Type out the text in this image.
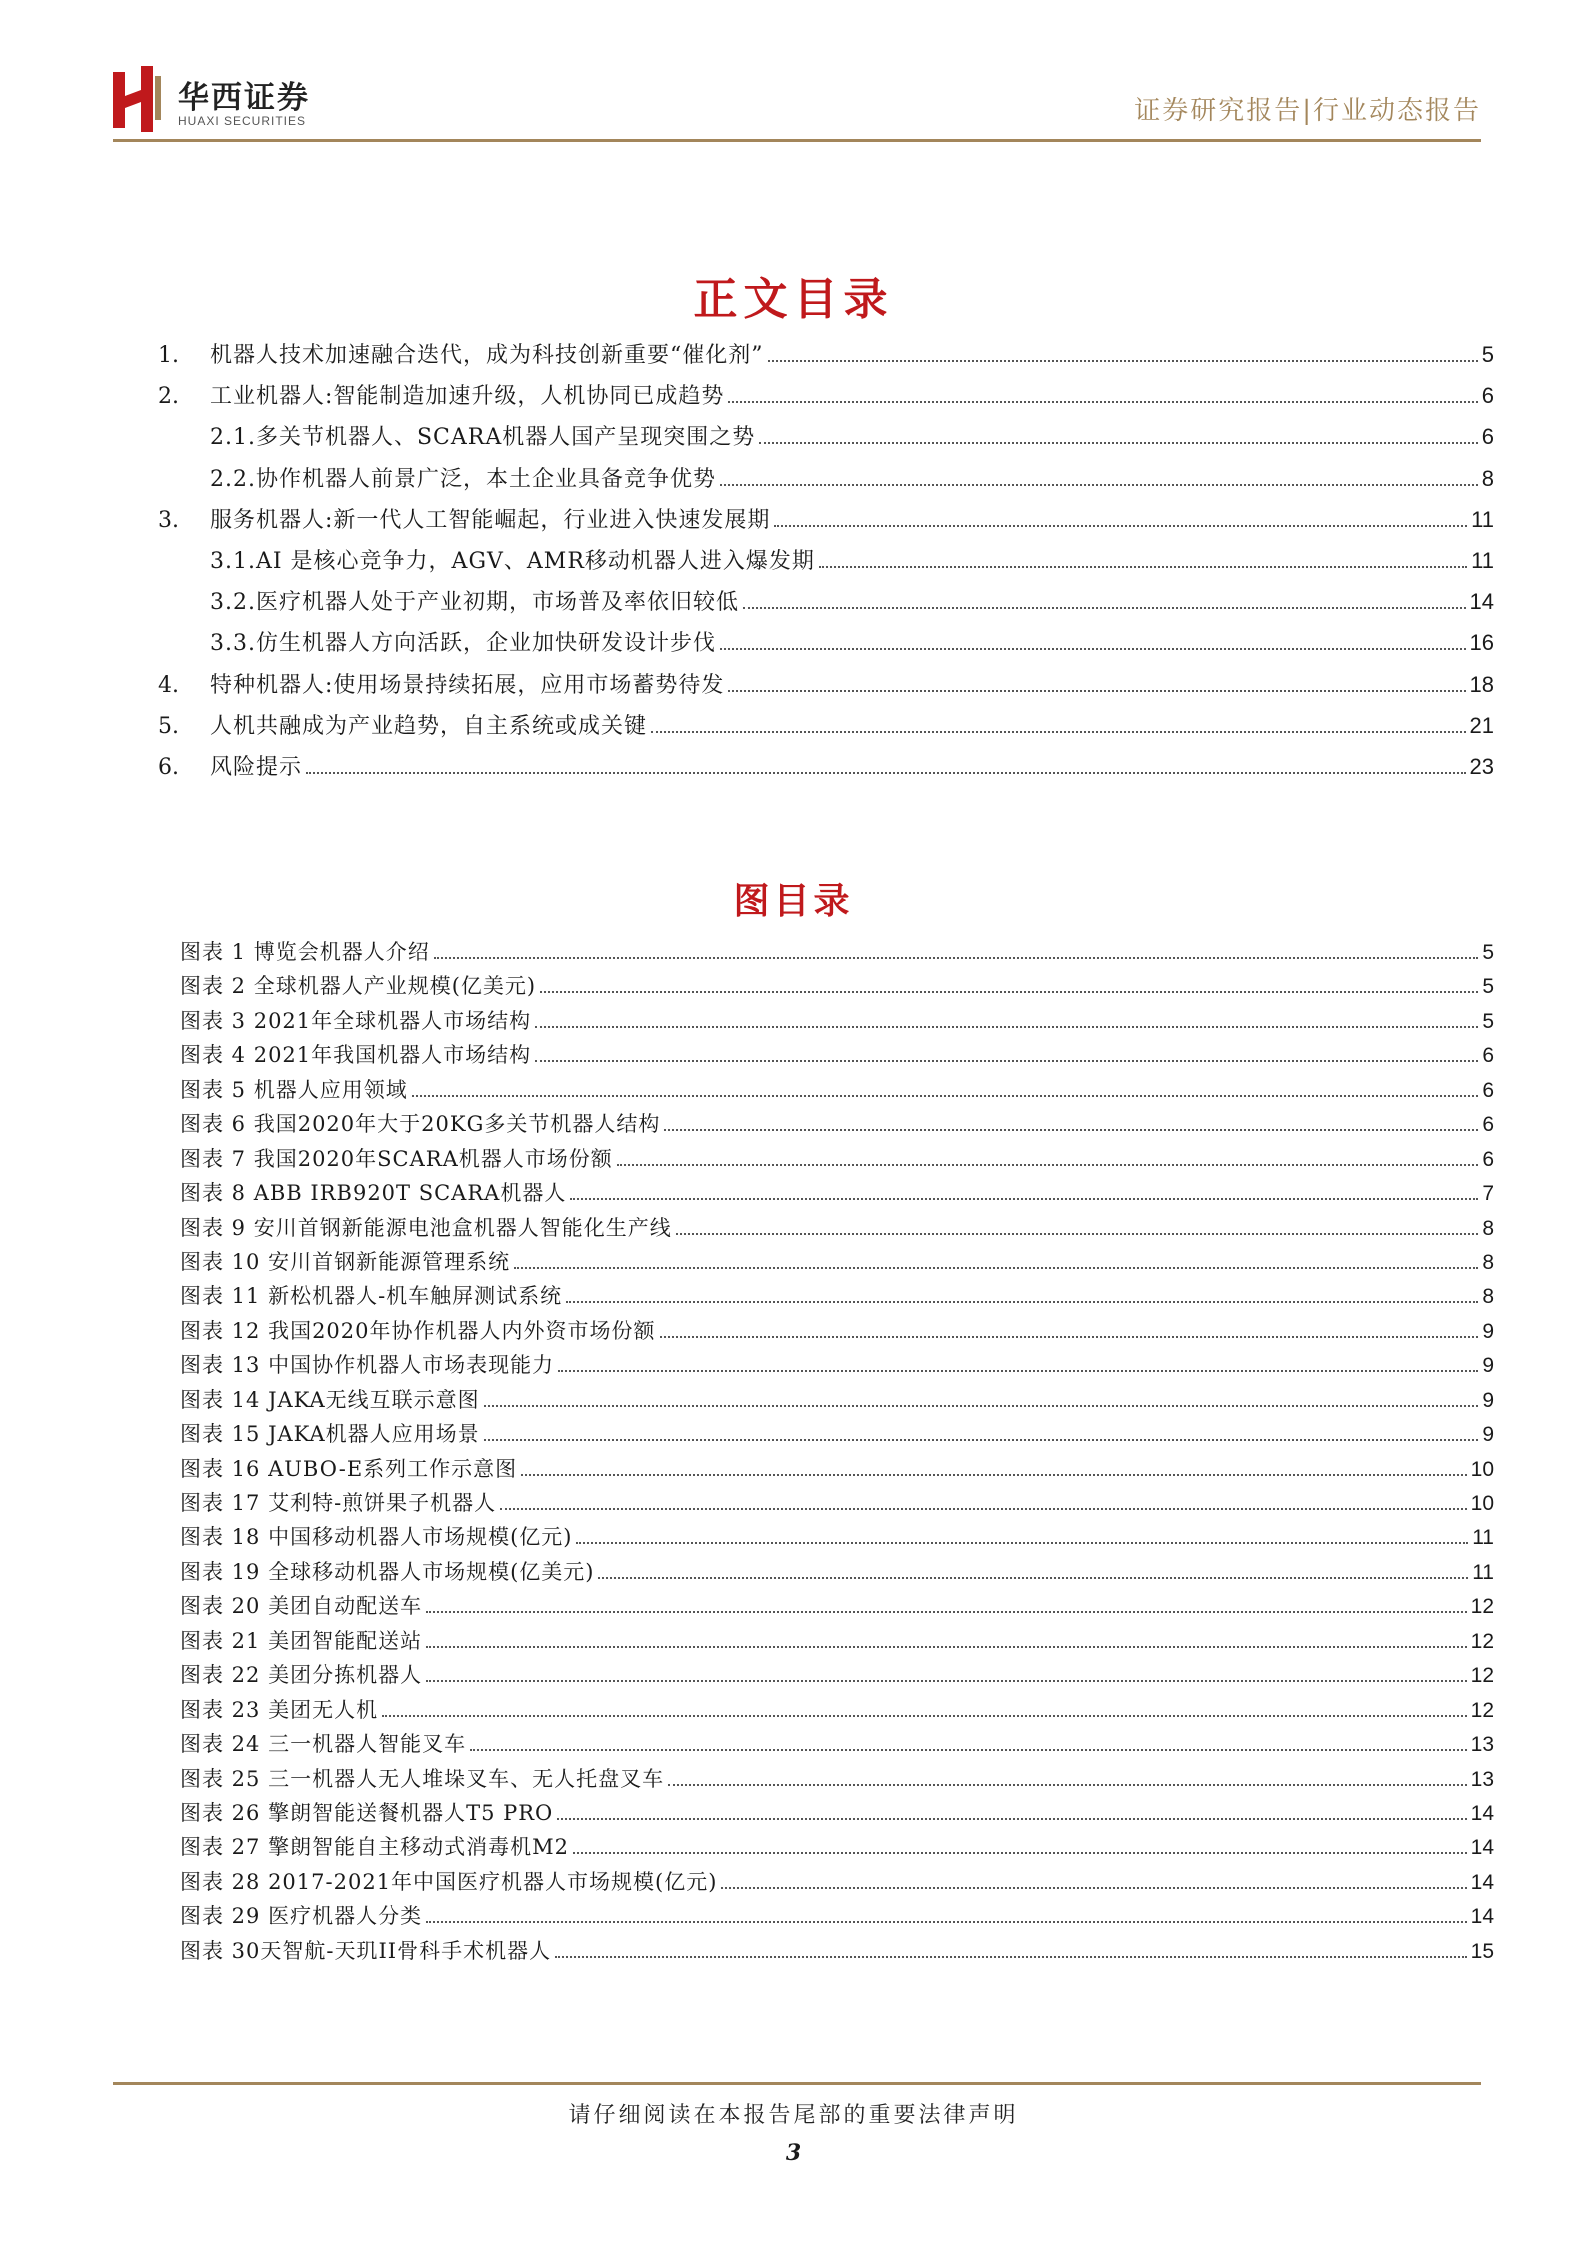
华西证券
HUAXI SECURITIES	证券研究报告|行业动态报告
正文目录
1.	机器人技术加速融合迭代，成为科技创新重要“催化剂”	5
2.	工业机器人:智能制造加速升级，人机协同已成趋势	6
2.1.多关节机器人、SCARA机器人国产呈现突围之势	6
2.2.协作机器人前景广泛，本土企业具备竞争优势	8
3.	服务机器人:新一代人工智能崛起，行业进入快速发展期	11
3.1.AI 是核心竞争力，AGV、AMR移动机器人进入爆发期	11
3.2.医疗机器人处于产业初期，市场普及率依旧较低	14
3.3.仿生机器人方向活跃，企业加快研发设计步伐	16
4.	特种机器人:使用场景持续拓展，应用市场蓄势待发	18
5.	人机共融成为产业趋势，自主系统或成关键	21
6.	风险提示	23
图目录
图表 1 博览会机器人介绍	5
图表 2 全球机器人产业规模(亿美元)	5
图表 3 2021年全球机器人市场结构	5
图表 4 2021年我国机器人市场结构	6
图表 5 机器人应用领域	6
图表 6 我国2020年大于20KG多关节机器人结构	6
图表 7 我国2020年SCARA机器人市场份额	6
图表 8 ABB IRB920T SCARA机器人	7
图表 9 安川首钢新能源电池盒机器人智能化生产线	8
图表 10 安川首钢新能源管理系统	8
图表 11 新松机器人-机车触屏测试系统	8
图表 12 我国2020年协作机器人内外资市场份额	9
图表 13 中国协作机器人市场表现能力	9
图表 14 JAKA无线互联示意图	9
图表 15 JAKA机器人应用场景	9
图表 16 AUBO-E系列工作示意图	10
图表 17 艾利特-煎饼果子机器人	10
图表 18 中国移动机器人市场规模(亿元)	11
图表 19 全球移动机器人市场规模(亿美元)	11
图表 20 美团自动配送车	12
图表 21 美团智能配送站	12
图表 22 美团分拣机器人	12
图表 23 美团无人机	12
图表 24 三一机器人智能叉车	13
图表 25 三一机器人无人堆垛叉车、无人托盘叉车	13
图表 26 擎朗智能送餐机器人T5 PRO	14
图表 27 擎朗智能自主移动式消毒机M2	14
图表 28 2017-2021年中国医疗机器人市场规模(亿元)	14
图表 29 医疗机器人分类	14
图表 30天智航-天玑II骨科手术机器人	15
请仔细阅读在本报告尾部的重要法律声明
3
